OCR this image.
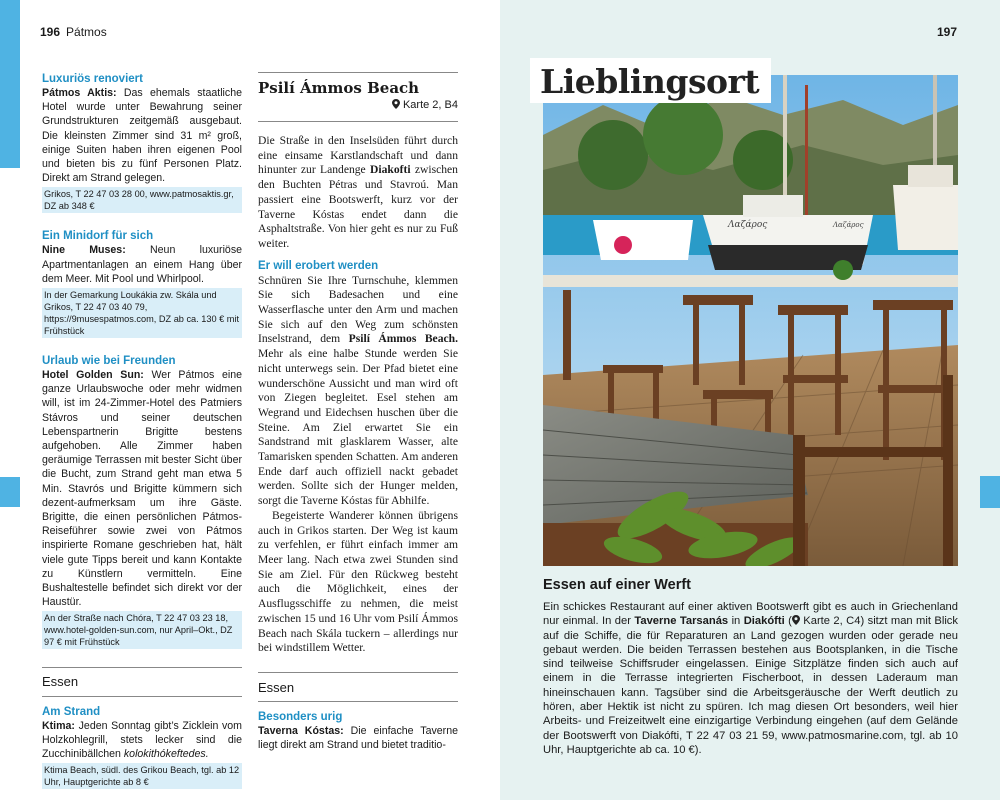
196 Pátmos

Luxuriös renoviert

Pátmos Aktis: Das ehemals staatliche Hotel wurde unter Bewahrung seiner Grundstrukturen zeitgemäß ausgebaut. Die kleinsten Zimmer sind 31 m² groß, einige Suiten haben ihren eigenen Pool und bieten bis zu fünf Personen Platz. Direkt am Strand gelegen.

Grikos, T 22 47 03 28 00, www.patmosaktis.gr, DZ ab 348 €

Ein Minidorf für sich

Nine Muses: Neun luxuriöse Apartmentanlagen an einem Hang über dem Meer. Mit Pool und Whirlpool.

In der Gemarkung Loukákia zw. Skála und Grikos, T 22 47 03 40 79, https://9musespatmos.com, DZ ab ca. 130 € mit Frühstück

Urlaub wie bei Freunden

Hotel Golden Sun: Wer Pátmos eine ganze Urlaubswoche oder mehr widmen will, ist im 24-Zimmer-Hotel des Patmiers Stávros und seiner deutschen Lebenspartnerin Brigitte bestens aufgehoben. Alle Zimmer haben geräumige Terrassen mit bester Sicht über die Bucht, zum Strand geht man etwa 5 Min. Stavrós und Brigitte kümmern sich dezent-aufmerksam um ihre Gäste. Brigitte, die einen persönlichen Pátmos-Reiseführer sowie zwei von Pátmos inspirierte Romane geschrieben hat, hält viele gute Tipps bereit und kann Kontakte zu Künstlern vermitteln. Eine Bushaltestelle befindet sich direkt vor der Haustür.

An der Straße nach Chóra, T 22 47 03 23 18, www.hotel-golden-sun.com, nur April–Okt., DZ 97 € mit Frühstück

Essen

Am Strand

Ktima: Jeden Sonntag gibt’s Zicklein vom Holzkohlegrill, stets lecker sind die Zucchinibällchen kolokithókeftedes.

Ktima Beach, südl. des Grikou Beach, tgl. ab 12 Uhr, Hauptgerichte ab 8 €

Psilí Ámmos Beach

Karte 2, B4

Die Straße in den Inselsüden führt durch eine einsame Karstlandschaft und dann hinunter zur Landenge Diakofti zwischen den Buchten Pétras und Stavroú. Man passiert eine Bootswerft, kurz vor der Taverne Kóstas endet dann die Asphaltstraße. Von hier geht es nur zu Fuß weiter.

Er will erobert werden

Schnüren Sie Ihre Turnschuhe, klemmen Sie sich Badesachen und eine Wasserflasche unter den Arm und machen Sie sich auf den Weg zum schönsten Inselstrand, dem Psilí Ámmos Beach. Mehr als eine halbe Stunde werden Sie nicht unterwegs sein. Der Pfad bietet eine wunderschöne Aussicht und man wird oft von Ziegen begleitet. Esel stehen am Wegrand und Eidechsen huschen über die Steine. Am Ziel erwartet Sie ein Sandstrand mit glasklarem Wasser, alte Tamarisken spenden Schatten. Am anderen Ende darf auch offiziell nackt gebadet werden. Sollte sich der Hunger melden, sorgt die Taverne Kóstas für Abhilfe.

Begeisterte Wanderer können übrigens auch in Grikos starten. Der Weg ist kaum zu verfehlen, er führt einfach immer am Meer lang. Nach etwa zwei Stunden sind Sie am Ziel. Für den Rückweg besteht auch die Möglichkeit, eines der Ausflugsschiffe zu nehmen, die meist zwischen 15 und 16 Uhr vom Psilí Ámmos Beach nach Skála tuckern – allerdings nur bei windstillem Wetter.

Essen

Besonders urig

Taverna Kóstas: Die einfache Taverne liegt direkt am Strand und bietet traditio-

197
Lieblingsort
Λαζάρος	Λαζάρος
Essen auf einer Werft

Ein schickes Restaurant auf einer aktiven Bootswerft gibt es auch in Griechenland nur einmal. In der Taverne Tarsanás in Diakófti ( Karte 2, C4) sitzt man mit Blick auf die Schiffe, die für Reparaturen an Land gezogen wurden oder gerade neu gebaut werden. Die beiden Terrassen bestehen aus Bootsplanken, in die Tische sind teilweise Schiffsruder eingelassen. Einige Sitzplätze finden sich auch auf einem in die Terrasse integrierten Fischerboot, in dessen Laderaum man hineinschauen kann. Tagsüber sind die Arbeitsgeräusche der Werft deutlich zu hören, aber Hektik ist nicht zu spüren. Ich mag diesen Ort besonders, weil hier Arbeits- und Freizeitwelt eine einzigartige Verbindung eingehen (auf dem Gelände der Bootswerft von Diakófti, T 22 47 03 21 59, www.patmosmarine.com, tgl. ab 10 Uhr, Hauptgerichte ab ca. 10 €).
